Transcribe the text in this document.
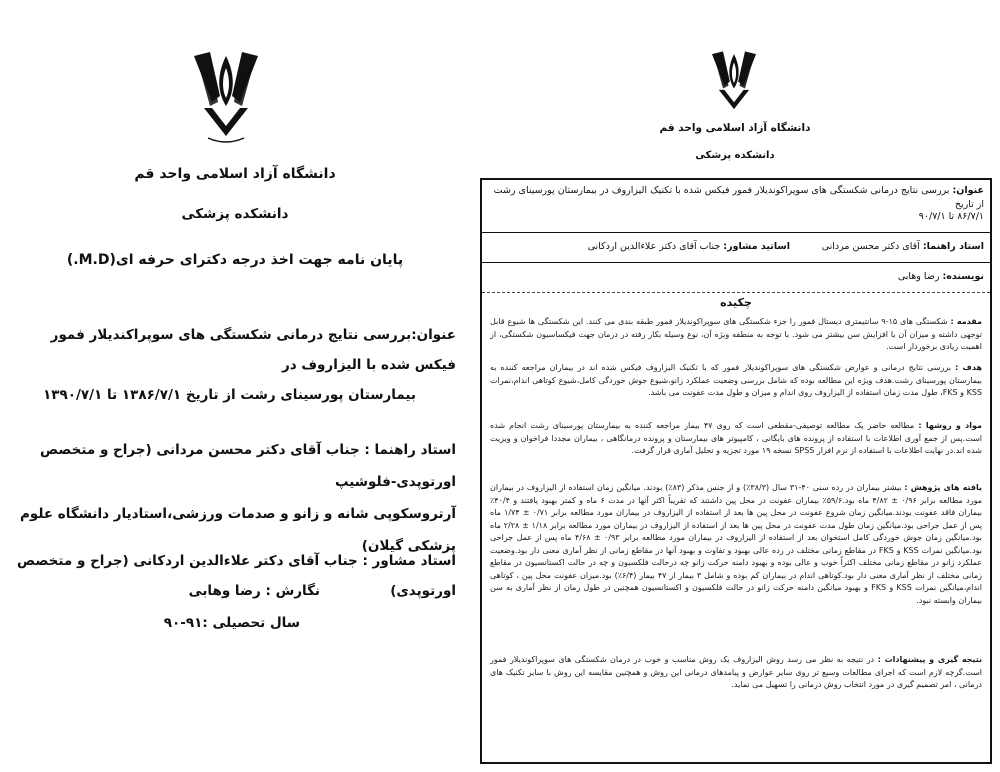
دانشگاه آزاد اسلامی واحد قم
دانشکده پزشکی
پایان نامه جهت اخذ درجه دکترای حرفه ای(M.D.)
عنوان:بررسی نتایج درمانی شکستگی های سوپراکندیلار فمور فیکس شده با الیزاروف در
بیمارستان پورسینای رشت از تاریخ ۱۳۸۶/۷/۱ تا ۱۳۹۰/۷/۱
استاد راهنما : جناب آقای دکتر محسن مردانی (جراح و متخصص اورتوپدی-فلوشیپ
آرتروسکوپی شانه و زانو و صدمات ورزشی،استادیار دانشگاه علوم پزشکی گیلان)
استاد مشاور : جناب آقای دکتر علاءالدین اردکانی (جراح و متخصص اورتوپدی)
نگارش : رضا وهابی
سال تحصیلی :۹۱-۹۰
دانشگاه آزاد اسلامی واحد قم
دانشکده پزشکی
عنوان: بررسی نتایج درمانی شکستگی های سوپراکوندیلار فمور فیکس شده با تکنیک الیزاروف در بیمارستان پورسینای رشت از تاریخ
۸۶/۷/۱ تا ۹۰/۷/۱
استاد راهنما: آقای دکتر محسن مردانی
اساتید مشاور: جناب آقای دکتر علاءالدین اردکانی
نویسنده: رضا وهابی
چکیده
مقدمه : شکستگی های ۱۵-۹ سانتیمتری دیستال فمور را جزء شکستگی های سوپراکوندیلار فمور طبقه بندی می کنند. این شکستگی ها شیوع قابل توجهی داشته و میزان آن با افزایش سن بیشتر می شود. با توجه به منطقه ویژه آن، نوع وسیله بکار رفته در درمان جهت فیکساسیون شکستگی، از اهمیت زیادی برخوردار است.
هدف : بررسی نتایج درمانی و عوارض شکستگی های سوپراکوندیلار فمور که با تکنیک الیزاروف فیکس شده اند در بیماران مراجعه کننده به بیمارستان پورسینای رشت.هدف ویژه این مطالعه بوده که شامل بررسی وضعیت عملکرد زانو،شیوع جوش خوردگی کامل،شیوع کوتاهی اندام،نمرات KSS و FKS، طول مدت زمان استفاده از الیزاروف روی اندام و میزان و طول مدت عفونت می باشد.
مواد و روشها : مطالعه حاضر یک مطالعه توصیفی-مقطعی است که روی ۴۷ بیمار مراجعه کننده به بیمارستان پورسینای رشت انجام شده است.پس از جمع آوری اطلاعات با استفاده از پرونده های بایگانی ، کامپیوتر های بیمارستان و پرونده درمانگاهی ، بیماران مجددا فراخوان و ویزیت شده اند.در نهایت اطلاعات با استفاده از نرم افزار SPSS نسخه ۱۹ مورد تجزیه و تحلیل آماری قرار گرفت.
یافته های پژوهش : بیشتر بیماران در رده سنی ۴۰-۳۱ سال (۳۸/۳٪) و از جنس مذکر (۸۳٪) بودند. میانگین زمان استفاده از الیزاروف در بیماران مورد مطالعه برابر ۰/۹۶ ± ۴/۸۲ ماه بود.۵۹/۶٪ بیماران عفونت در محل پین داشتند که تقریباً اکثر آنها در مدت ۶ ماه و کمتر بهبود یافتند و ۴۰/۴٪ بیماران فاقد عفونت بودند.میانگین زمان شروع عفونت در محل پین ها بعد از استفاده از الیزاروف در بیماران مورد مطالعه برابر ۰/۷۱ ± ۱/۷۴ ماه پس از عمل جراحی بود.میانگین زمان طول مدت عفونت در محل پین ها بعد از استفاده از الیزاروف در بیماران مورد مطالعه برابر ۱/۱۸ ± ۲/۲۸ ماه بود.میانگین زمان جوش خوردگی کامل استخوان بعد از استفاده از الیزاروف در بیماران مورد مطالعه برابر ۰/۹۳ ± ۴/۶۸ ماه پس از عمل جراحی بود.میانگین نمرات KSS و FKS در مقاطع زمانی مختلف در رده عالی بهبود و تفاوت و بهبود آنها در مقاطع زمانی از نظر آماری معنی دار بود.وضعیت عملکرد زانو در مقاطع زمانی مختلف اکثراً خوب و عالی بوده و بهبود دامنه حرکت زانو چه درحالت فلکسیون و چه در حالت اکستانسیون در مقاطع زمانی مختلف از نظر آماری معنی دار بود.کوتاهی اندام در بیماران کم بوده و شامل ۳ بیمار از ۴۷ بیمار (۶/۴٪) بود.میزان عفونت محل پین ، کوتاهی اندام،میانگین نمرات KSS و FKS و بهبود میانگین دامنه حرکت زانو در حالت فلکسیون و اکستانسیون همچنین در طول زمان از نظر آماری به سن بیماران وابسته نبود.
نتیجه گیری و پیشنهادات : در نتیجه به نظر می رسد روش الیزاروف یک روش مناسب و خوب در درمان شکستگی های سوپراکوندیلار فمور است.گرچه لازم است که اجرای مطالعات وسیع تر روی سایر عوارض و پیامدهای درمانی این روش و همچنین مقایسه این روش با سایر تکنیک های درمانی ، امر تصمیم گیری در مورد انتخاب روش درمانی را تسهیل می نماید.
